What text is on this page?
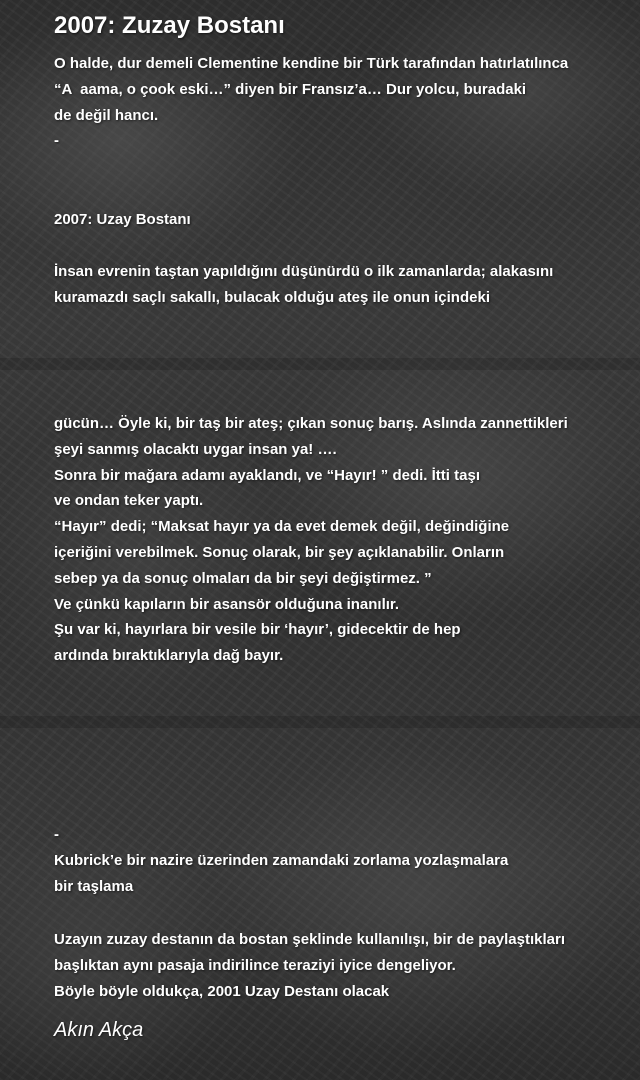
2007: Zuzay Bostanı
O halde, dur demeli Clementine kendine bir Türk tarafından hatırlatılınca
“A  aama, o çook eski…” diyen bir Fransız’a… Dur yolcu, buradaki
de değil hancı.
-
2007: Uzay Bostanı
İnsan evrenin taştan yapıldığını düşünürdü o ilk zamanlarda; alakasını
kuramazdı saçlı sakallı, bulacak olduğu ateş ile onun içindeki
gücün… Öyle ki, bir taş bir ateş; çıkan sonuç barış. Aslında zannettikleri
şeyi sanmış olacaktı uygar insan ya! ….
Sonra bir mağara adamı ayaklandı, ve “Hayır! ” dedi. İtti taşı
ve ondan teker yaptı.
“Hayır” dedi; “Maksat hayır ya da evet demek değil, değindiğine
içeriğini verebilmek. Sonuç olarak, bir şey açıklanabilir. Onların
sebep ya da sonuç olmaları da bir şeyi değiştirmez. ”
Ve çünkü kapıların bir asansör olduğuna inanılır.
Şu var ki, hayırlara bir vesile bir ‘hayır’, gidecektir de hep
ardında bıraktıklarıyla dağ bayır.
-
Kubrick’e bir nazire üzerinden zamandaki zorlama yozlaşmalara
bir taşlama
Uzayın zuzay destanın da bostan şeklinde kullanılışı, bir de paylaştıkları
başlıktan aynı pasaja indirilince teraziyi iyice dengeliyor.
Böyle böyle oldukça, 2001 Uzay Destanı olacak
Akın Akça
